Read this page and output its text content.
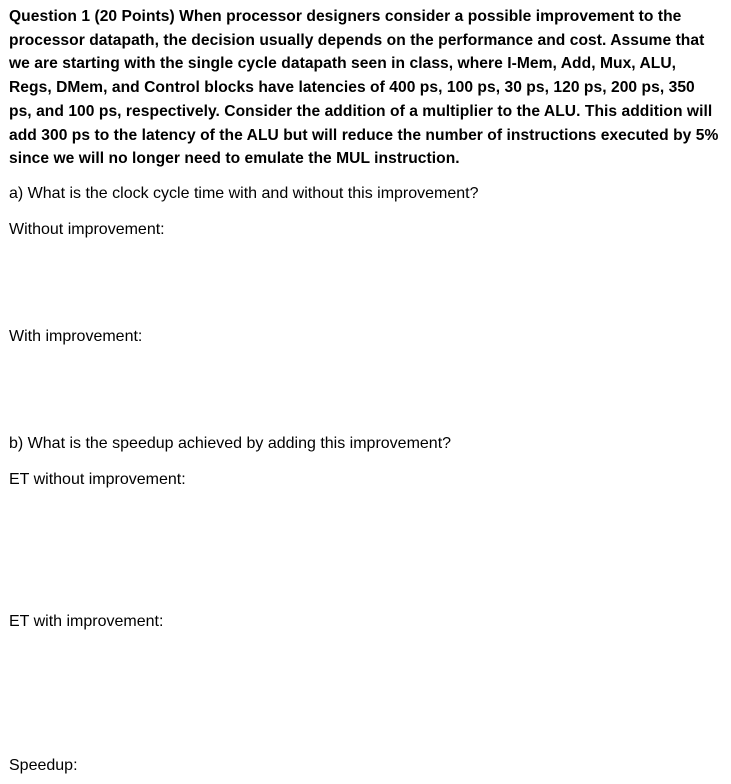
Question 1 (20 Points) When processor designers consider a possible improvement to the processor datapath, the decision usually depends on the performance and cost. Assume that we are starting with the single cycle datapath seen in class, where I-Mem, Add, Mux, ALU, Regs, DMem, and Control blocks have latencies of 400 ps, 100 ps, 30 ps, 120 ps, 200 ps, 350 ps, and 100 ps, respectively. Consider the addition of a multiplier to the ALU. This addition will add 300 ps to the latency of the ALU but will reduce the number of instructions executed by 5% since we will no longer need to emulate the MUL instruction.
a) What is the clock cycle time with and without this improvement?
Without improvement:
With improvement:
b) What is the speedup achieved by adding this improvement?
ET without improvement:
ET with improvement:
Speedup:
